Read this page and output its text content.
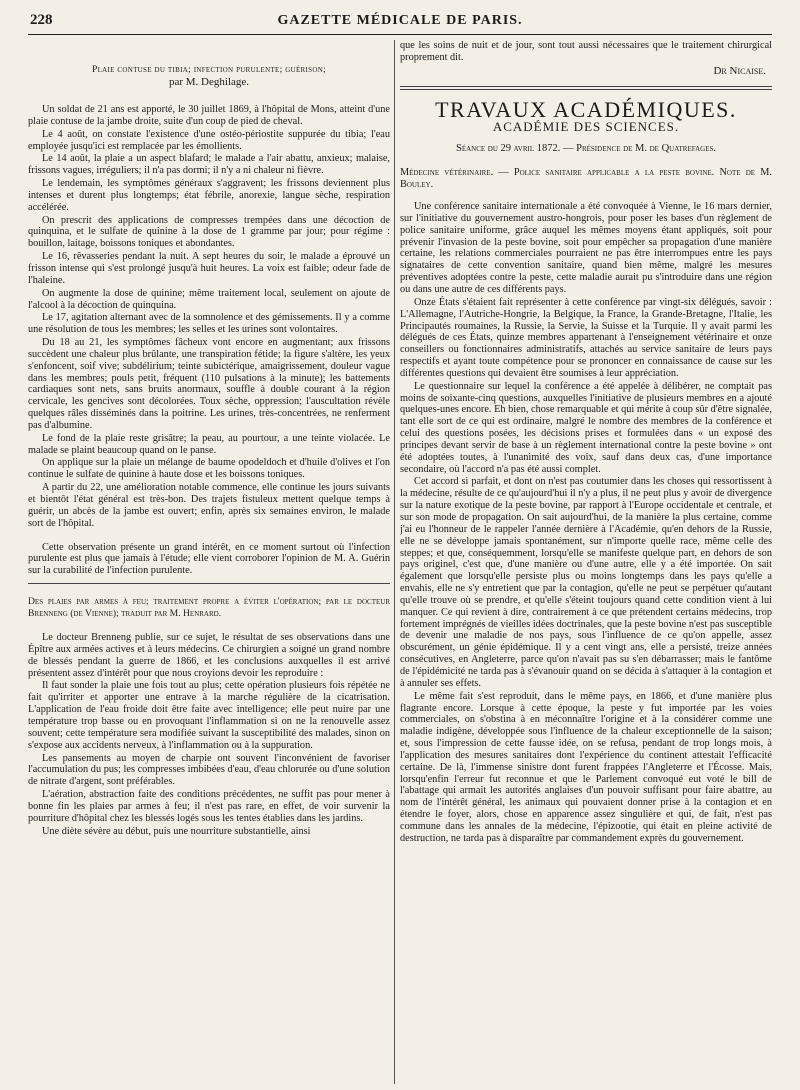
228	GAZETTE MÉDICALE DE PARIS.
Plaie contuse du tibia; infection purulente; guérison;
par M. Deghilage.

Un soldat de 21 ans est apporté, le 30 juillet 1869, à l'hôpital de Mons, atteint d'une plaie contuse de la jambe droite, suite d'un coup de pied de cheval.

Le 4 août, on constate l'existence d'une ostéo-périostite suppurée du tibia; l'eau employée jusqu'ici est remplacée par les émollients.

Le 14 août, la plaie a un aspect blafard; le malade a l'air abattu, anxieux; malaise, frissons vagues, irréguliers; il n'a pas dormi; il n'y a ni chaleur ni fièvre.

Le lendemain, les symptômes généraux s'aggravent; les frissons deviennent plus intenses et durent plus longtemps; état fébrile, anorexie, langue sèche, respiration accélérée.

On prescrit des applications de compresses trempées dans une décoction de quinquina, et le sulfate de quinine à la dose de 1 gramme par jour; pour régime : bouillon, laitage, boissons toniques et abondantes.

Le 16, rêvasseries pendant la nuit. A sept heures du soir, le malade a éprouvé un frisson intense qui s'est prolongé jusqu'à huit heures. La voix est faible; odeur fade de l'haleine.

On augmente la dose de quinine; même traitement local, seulement on ajoute de l'alcool à la décoction de quinquina.

Le 17, agitation alternant avec de la somnolence et des gémissements. Il y a comme une résolution de tous les membres; les selles et les urines sont volontaires.

Du 18 au 21, les symptômes fâcheux vont encore en augmentant; aux frissons succèdent une chaleur plus brûlante, une transpiration fétide; la figure s'altère, les yeux s'enfoncent, soif vive; subdélirium; teinte subictérique, amaigrissement, douleur vague dans les membres; pouls petit, fréquent (110 pulsations à la minute); les battements cardiaques sont nets, sans bruits anormaux, souffle à double courant à la région cervicale, les gencives sont décolorées. Toux sèche, oppression; l'auscultation révèle quelques râles disséminés dans la poitrine. Les urines, très-concentrées, ne renferment pas d'albumine.

Le fond de la plaie reste grisâtre; la peau, au pourtour, a une teinte violacée. Le malade se plaint beaucoup quand on le panse.

On applique sur la plaie un mélange de baume opodeldoch et d'huile d'olives et l'on continue le sulfate de quinine à haute dose et les boissons toniques.

A partir du 22, une amélioration notable commence, elle continue les jours suivants et bientôt l'état général est très-bon. Des trajets fistuleux mettent quelque temps à guérir, un abcès de la jambe est ouvert; enfin, après six semaines environ, le malade sort de l'hôpital.

Cette observation présente un grand intérêt, en ce moment surtout où l'infection purulente est plus que jamais à l'étude; elle vient corroborer l'opinion de M. A. Guérin sur la curabilité de l'infection purulente.

Des plaies par armes à feu; traitement propre a éviter l'opération; par le docteur Brenneng (de Vienne); traduit par M. Henrard.

Le docteur Brenneng publie, sur ce sujet, le résultat de ses observations dans une Épître aux armées actives et à leurs médecins. Ce chirurgien a soigné un grand nombre de blessés pendant la guerre de 1866, et les conclusions auxquelles il est arrivé présentent assez d'intérêt pour que nous croyions devoir les reproduire :

Il faut sonder la plaie une fois tout au plus; cette opération plusieurs fois répétée ne fait qu'irriter et apporter une entrave à la marche régulière de la cicatrisation. L'application de l'eau froide doit être faite avec intelligence; elle peut nuire par une température trop basse ou en provoquant l'inflammation si on ne la renouvelle assez souvent; cette température sera modifiée suivant la susceptibilité des malades, sinon on s'expose aux accidents nerveux, à l'inflammation ou à la suppuration.

Les pansements au moyen de charpie ont souvent l'inconvénient de favoriser l'accumulation du pus; les compresses imbibées d'eau, d'eau chlorurée ou d'une solution de nitrate d'argent, sont préférables.

L'aération, abstraction faite des conditions précédentes, ne suffit pas pour mener à bonne fin les plaies par armes à feu; il n'est pas rare, en effet, de voir survenir la pourriture d'hôpital chez les blessés logés sous les tentes établies dans les jardins.

Une diète sévère au début, puis une nourriture substantielle, ainsi

que les soins de nuit et de jour, sont tout aussi nécessaires que le traitement chirurgical proprement dit.

Dr Nicaise.
TRAVAUX ACADÉMIQUES.
ACADÉMIE DES SCIENCES.
Séance du 29 avril 1872. — Présidence de M. de Quatrefages.
Médecine vétérinaire. — Police sanitaire applicable a la peste bovine. Note de M. Bouley.

Une conférence sanitaire internationale a été convoquée à Vienne, le 16 mars dernier, sur l'initiative du gouvernement austro-hongrois, pour poser les bases d'un règlement de police sanitaire uniforme, grâce auquel les mêmes moyens étant appliqués, soit pour prévenir l'invasion de la peste bovine, soit pour empêcher sa propagation d'une manière certaine, les relations commerciales pourraient ne pas être interrompues entre les pays signataires de cette convention sanitaire, quand bien même, malgré les mesures préventives adoptées contre la peste, cette maladie aurait pu s'introduire dans une région ou dans une autre de ces différents pays.

Onze États s'étaient fait représenter à cette conférence par vingt-six délégués, savoir : L'Allemagne, l'Autriche-Hongrie, la Belgique, la France, la Grande-Bretagne, l'Italie, les Principautés roumaines, la Russie, la Servie, la Suisse et la Turquie. Il y avait parmi les délégués de ces États, quinze membres appartenant à l'enseignement vétérinaire et onze conseillers ou fonctionnaires administratifs, attachés au service sanitaire de leurs pays respectifs et ayant toute compétence pour se prononcer en connaissance de cause sur les différentes questions qui devaient être soumises à leur appréciation.

Le questionnaire sur lequel la conférence a été appelée à délibérer, ne comptait pas moins de soixante-cinq questions, auxquelles l'initiative de plusieurs membres en a ajouté quelques-unes encore. Eh bien, chose remarquable et qui mérite à coup sûr d'être signalée, tant elle sort de ce qui est ordinaire, malgré le nombre des membres de la conférence et celui des questions posées, les décisions prises et formulées dans « un exposé des principes devant servir de base à un règlement international contre la peste bovine » ont été adoptées toutes, à l'unanimité des voix, sauf dans deux cas, d'une importance secondaire, où l'accord n'a pas été aussi complet.

Cet accord si parfait, et dont on n'est pas coutumier dans les choses qui ressortissent à la médecine, résulte de ce qu'aujourd'hui il n'y a plus, il ne peut plus y avoir de divergence sur la nature exotique de la peste bovine, par rapport à l'Europe occidentale et centrale, et sur son mode de propagation. On sait aujourd'hui, de la manière la plus certaine, comme j'ai eu l'honneur de le rappeler l'année dernière à l'Académie, qu'en dehors de la Russie, elle ne se développe jamais spontanément, sur n'importe quelle race, même celle des steppes; et que, conséquemment, lorsqu'elle se manifeste quelque part, en dehors de son pays originel, c'est que, d'une manière ou d'une autre, elle y a été importée. On sait également que lorsqu'elle persiste plus ou moins longtemps dans les pays qu'elle a envahis, elle ne s'y entretient que par la contagion, qu'elle ne peut se perpétuer qu'autant qu'elle trouve où se prendre, et qu'elle s'éteint toujours quand cette condition vient à lui manquer. Ce qui revient à dire, contrairement à ce que prétendent certains médecins, trop fortement imprégnés de vieilles idées doctrinales, que la peste bovine n'est pas susceptible de devenir une maladie de nos pays, sous l'influence de ce qu'on appelle, assez obscurément, un génie épidémique. Il y a cent vingt ans, elle a persisté, treize années consécutives, en Angleterre, parce qu'on n'avait pas su s'en débarrasser; mais le fantôme de l'épidémicité ne tarda pas à s'évanouir quand on se décida à s'attaquer à la contagion et à annuler ses effets.

Le même fait s'est reproduit, dans le même pays, en 1866, et d'une manière plus flagrante encore. Lorsque à cette époque, la peste y fut importée par les voies commerciales, on s'obstina à en méconnaître l'origine et à la considérer comme une maladie indigène, développée sous l'influence de la chaleur exceptionnelle de la saison; et, sous l'impression de cette fausse idée, on se refusa, pendant de trop longs mois, à l'application des mesures sanitaires dont l'expérience du continent attestait l'efficacité certaine. De là, l'immense sinistre dont furent frappées l'Angleterre et l'Écosse. Mais, lorsqu'enfin l'erreur fut reconnue et que le Parlement convoqué eut voté le bill de l'abattage qui armait les autorités anglaises d'un pouvoir suffisant pour faire abattre, au nom de l'intérêt général, les animaux qui pouvaient donner prise à la contagion et en étendre le foyer, alors, chose en apparence assez singulière et qui, de fait, n'est pas commune dans les annales de la médecine, l'épizootie, qui était en pleine activité de destruction, ne tarda pas à disparaître par commandement exprès du gouvernement.
